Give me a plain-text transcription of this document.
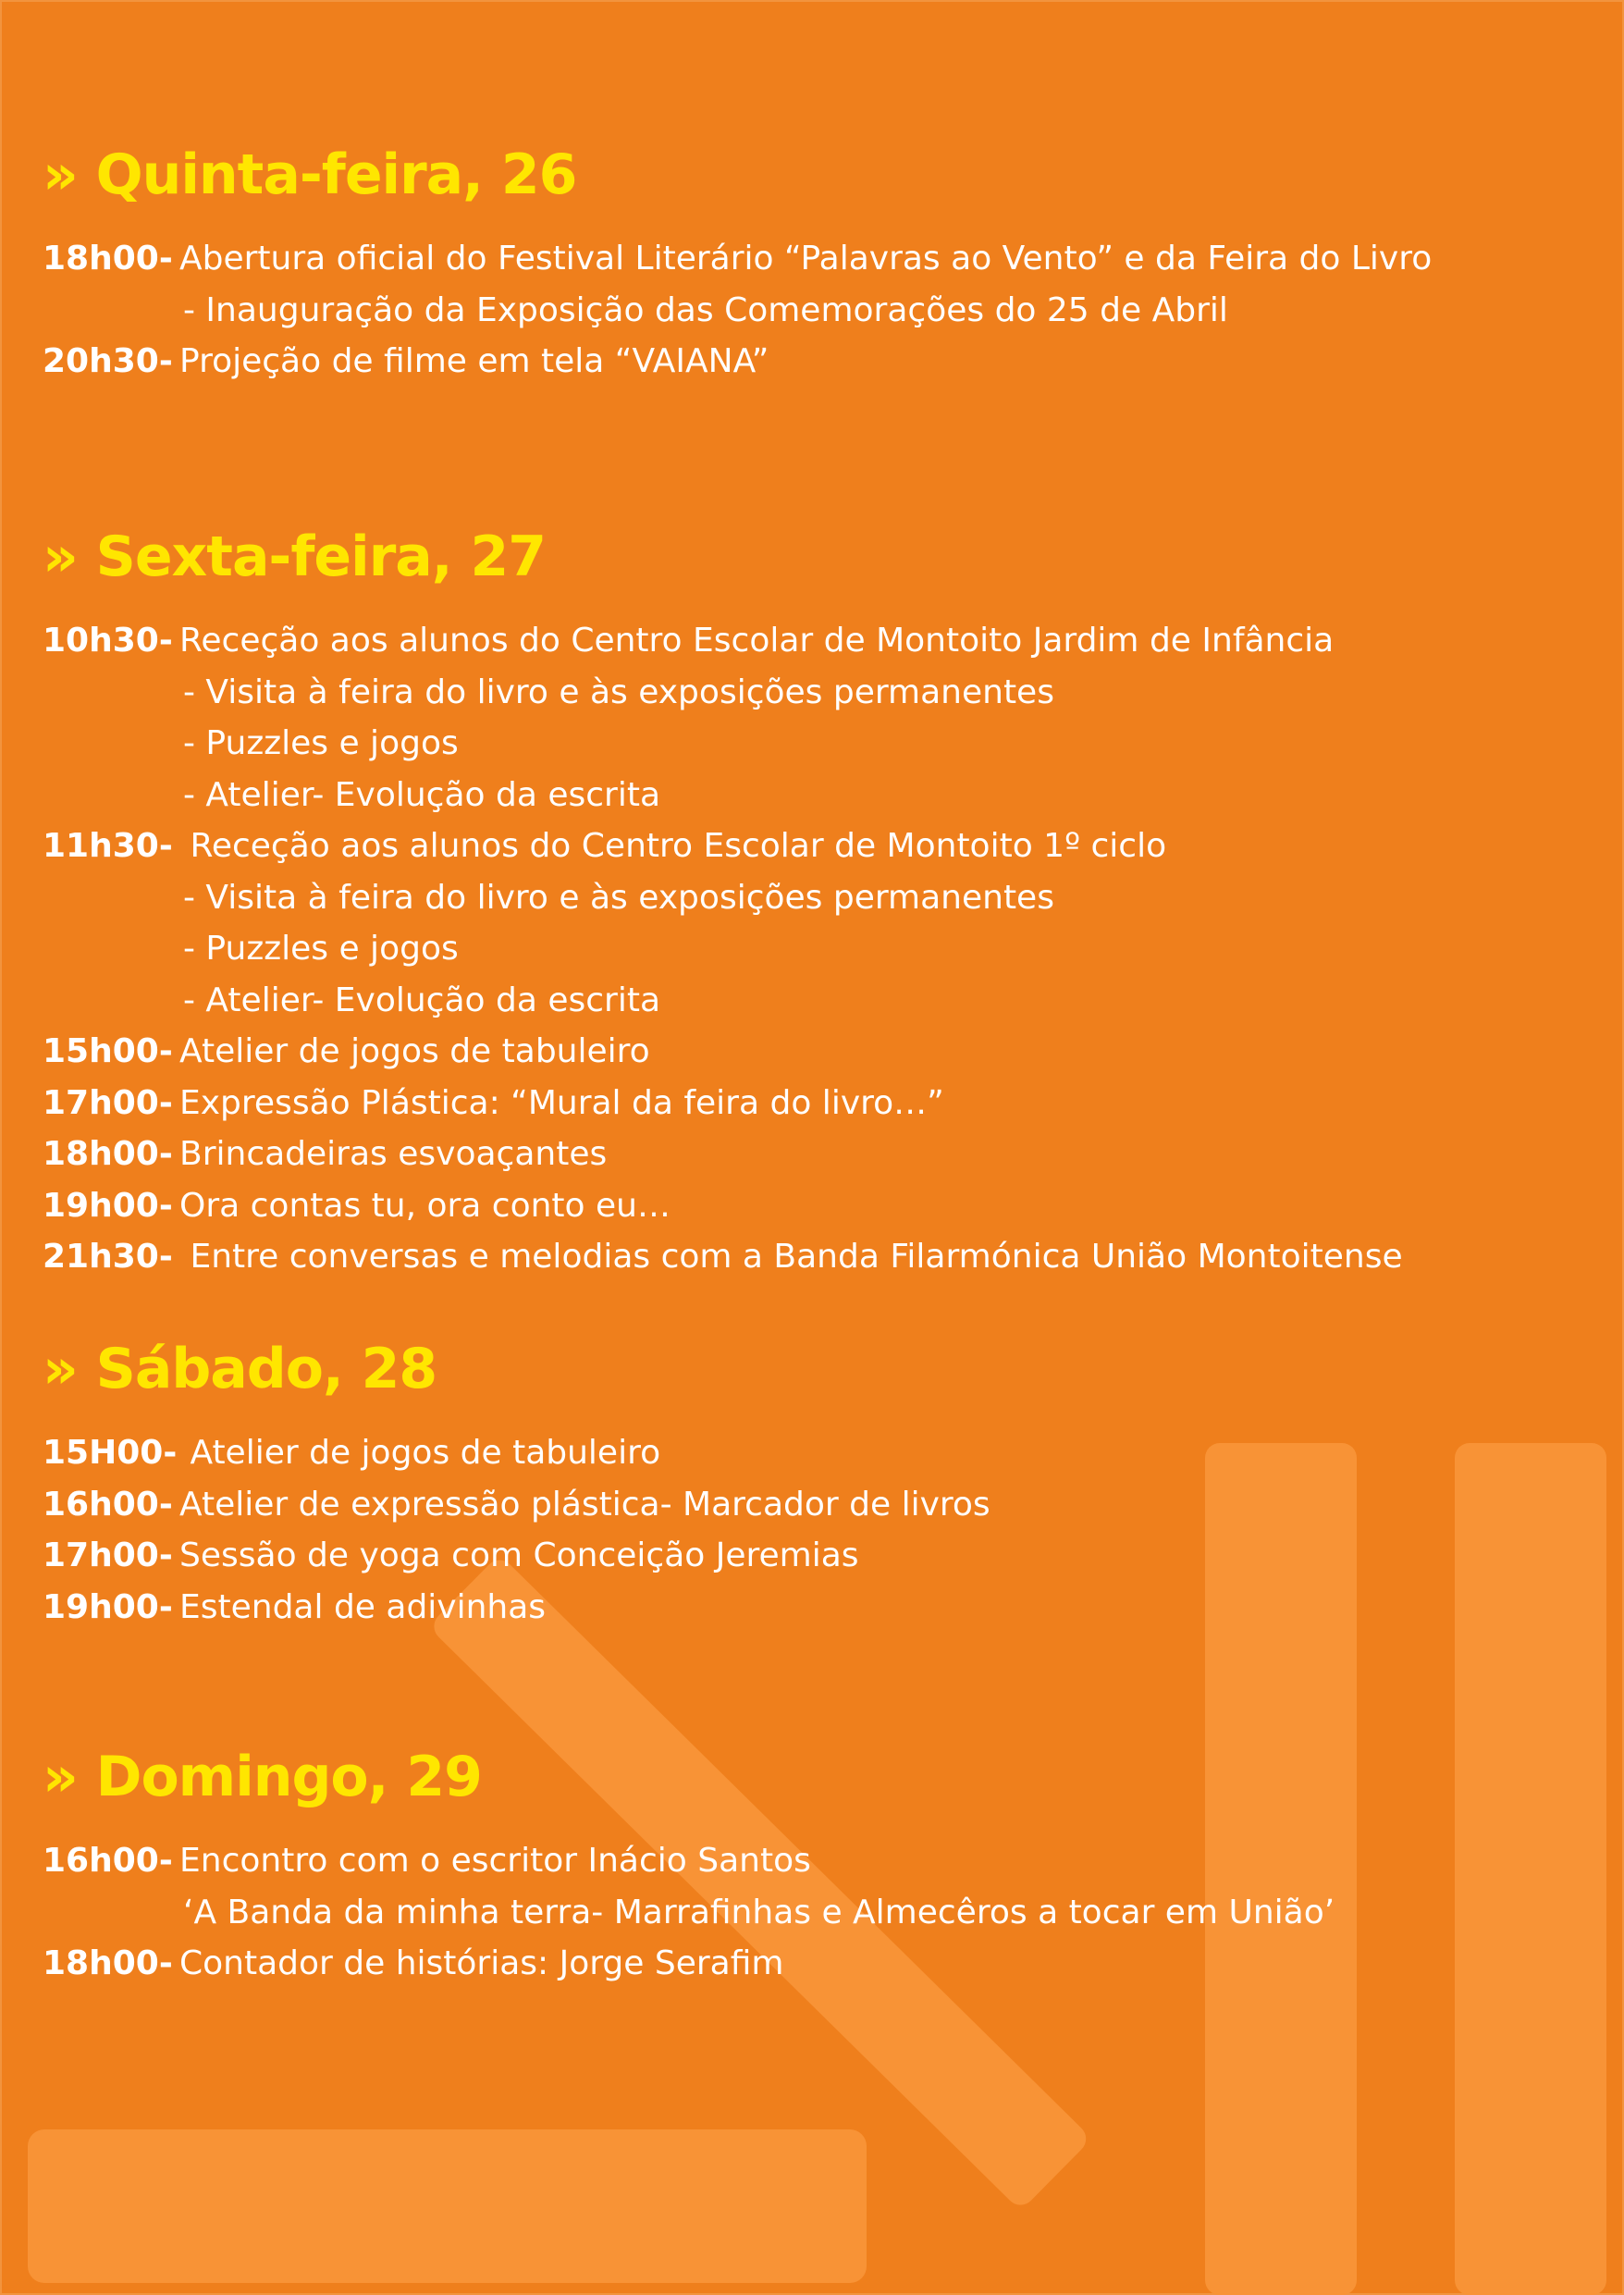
» Quinta-feira, 26
18h00- Abertura oficial do Festival Literário “Palavras ao Vento” e da Feira do Livro
- Inauguração da Exposição das Comemorações do 25 de Abril
20h30- Projeção de filme em tela “VAIANA”
» Sexta-feira, 27
10h30- Receção aos alunos do Centro Escolar de Montoito Jardim de Infância
- Visita à feira do livro e às exposições permanentes
- Puzzles e jogos
- Atelier- Evolução da escrita
11h30- Receção aos alunos do Centro Escolar de Montoito 1º ciclo
- Visita à feira do livro e às exposições permanentes
- Puzzles e jogos
- Atelier- Evolução da escrita
15h00- Atelier de jogos de tabuleiro
17h00- Expressão Plástica: “Mural da feira do livro…”
18h00- Brincadeiras esvoaçantes
19h00- Ora contas tu, ora conto eu…
21h30- Entre conversas e melodias com a Banda Filarmónica União Montoitense
» Sábado, 28
15H00- Atelier de jogos de tabuleiro
16h00- Atelier de expressão plástica- Marcador de livros
17h00- Sessão de yoga com Conceição Jeremias
19h00- Estendal de adivinhas
» Domingo, 29
16h00- Encontro com o escritor Inácio Santos
‘A Banda da minha terra- Marrafinhas e Almecêros a tocar em União’
18h00- Contador de histórias: Jorge Serafim
